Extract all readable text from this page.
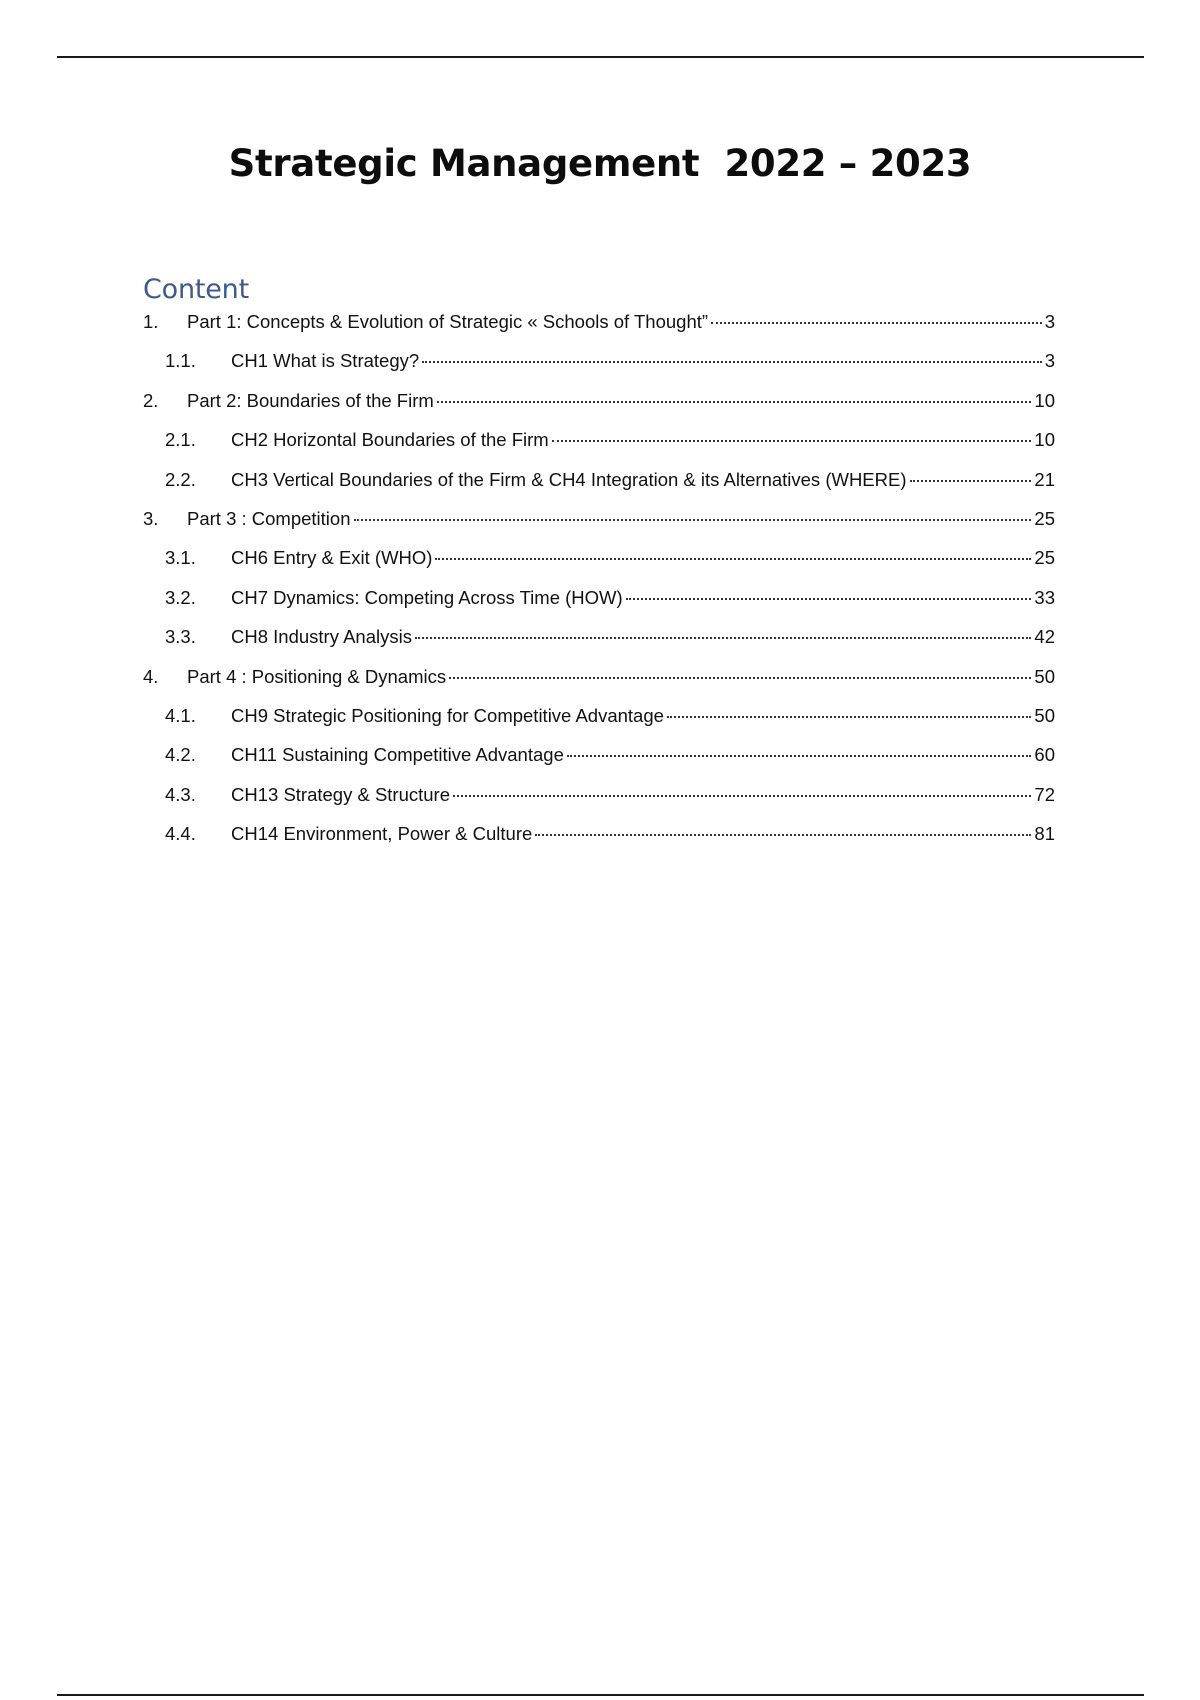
Strategic Management  2022 – 2023
Content
1.	Part 1: Concepts & Evolution of Strategic « Schools of Thought”	3
1.1.	CH1 What is Strategy?	3
2.	Part 2: Boundaries of the Firm	10
2.1.	CH2 Horizontal Boundaries of the Firm	10
2.2.	CH3 Vertical Boundaries of the Firm & CH4 Integration & its Alternatives (WHERE)	21
3.	Part 3 : Competition	25
3.1.	CH6 Entry & Exit (WHO)	25
3.2.	CH7 Dynamics: Competing Across Time (HOW)	33
3.3.	CH8 Industry Analysis	42
4.	Part 4 : Positioning & Dynamics	50
4.1.	CH9 Strategic Positioning for Competitive Advantage	50
4.2.	CH11 Sustaining Competitive Advantage	60
4.3.	CH13 Strategy & Structure	72
4.4.	CH14 Environment, Power & Culture	81
